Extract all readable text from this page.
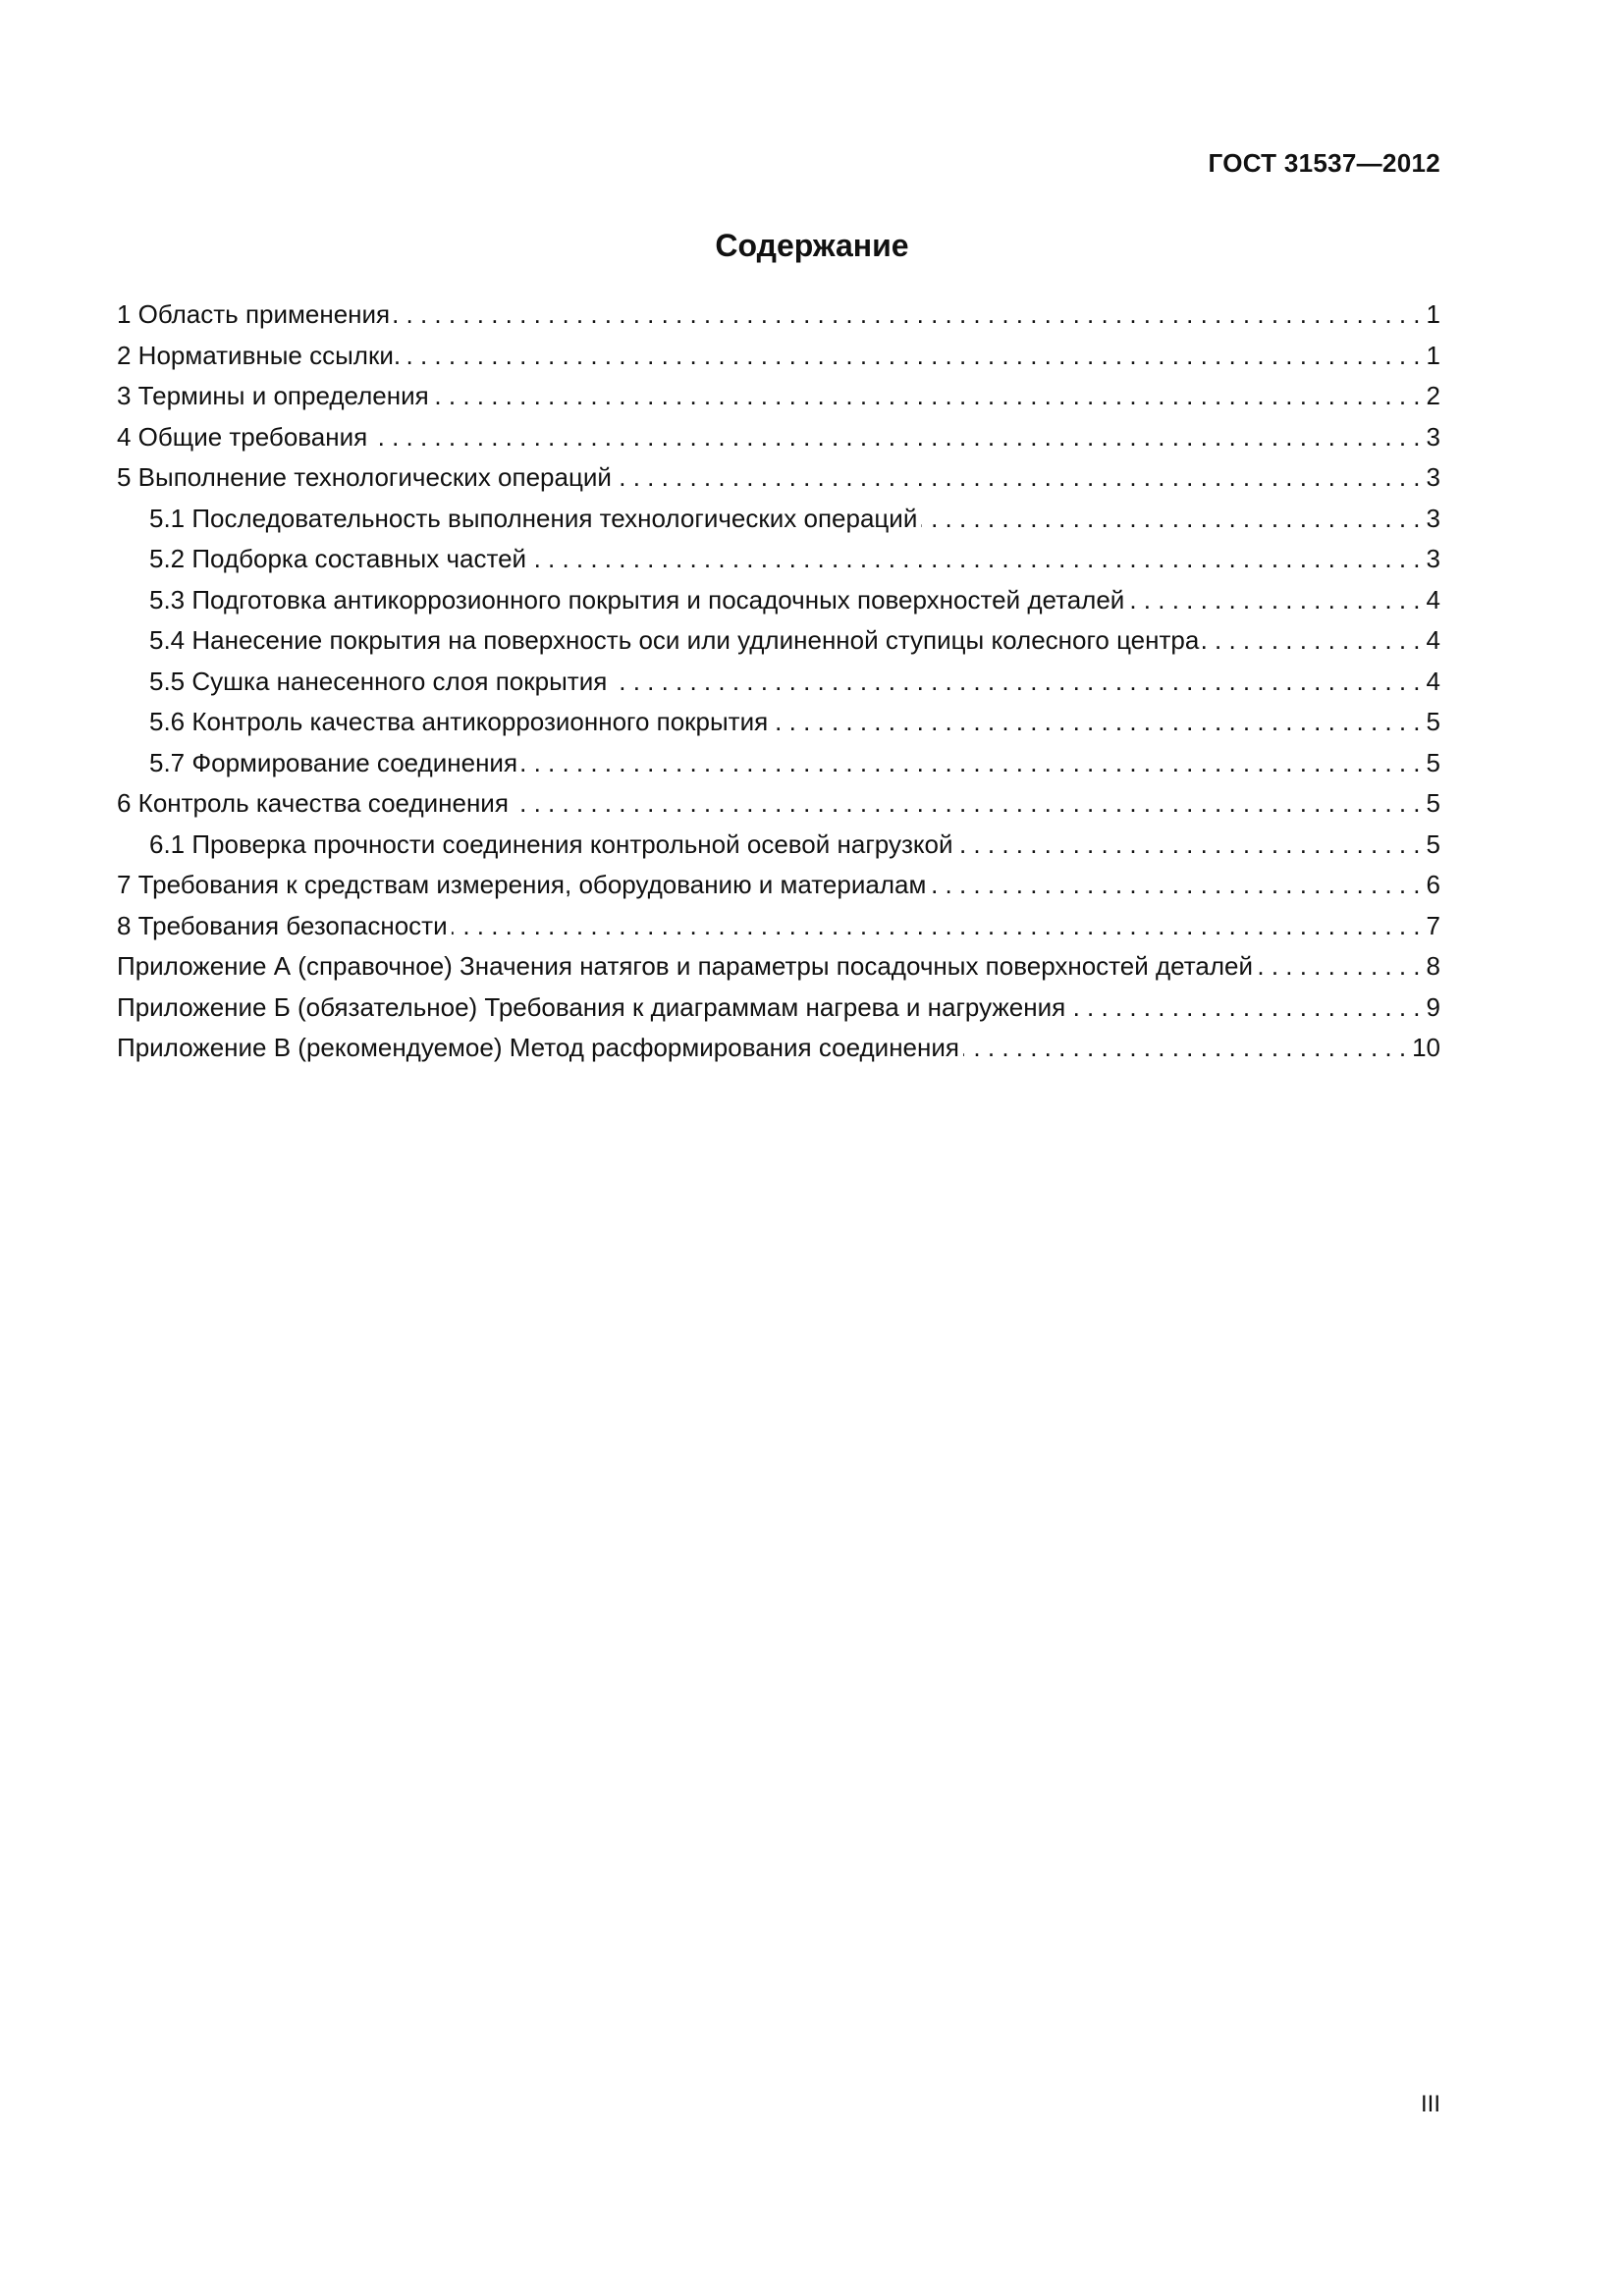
ГОСТ 31537—2012
Содержание
1 Область применения . . .	1
2 Нормативные ссылки. . . .	1
3 Термины и определения . . .	2
4 Общие требования . . .	3
5 Выполнение технологических операций . . .	3
5.1 Последовательность выполнения технологических операций . . .	3
5.2 Подборка составных частей . . .	3
5.3 Подготовка антикоррозионного покрытия и посадочных поверхностей деталей . . .	4
5.4 Нанесение покрытия на поверхность оси или удлиненной ступицы колесного центра . . .	4
5.5 Сушка нанесенного слоя покрытия . . .	4
5.6 Контроль качества антикоррозионного покрытия . . .	5
5.7 Формирование соединения . . .	5
6 Контроль качества соединения . . .	5
6.1 Проверка прочности соединения контрольной осевой нагрузкой . . .	5
7 Требования к средствам измерения, оборудованию и материалам . . .	6
8 Требования безопасности . . .	7
Приложение А (справочное) Значения натягов и параметры посадочных поверхностей деталей . . .	8
Приложение Б (обязательное) Требования к диаграммам нагрева и нагружения . . .	9
Приложение В (рекомендуемое) Метод расформирования соединения . . .	10
III
